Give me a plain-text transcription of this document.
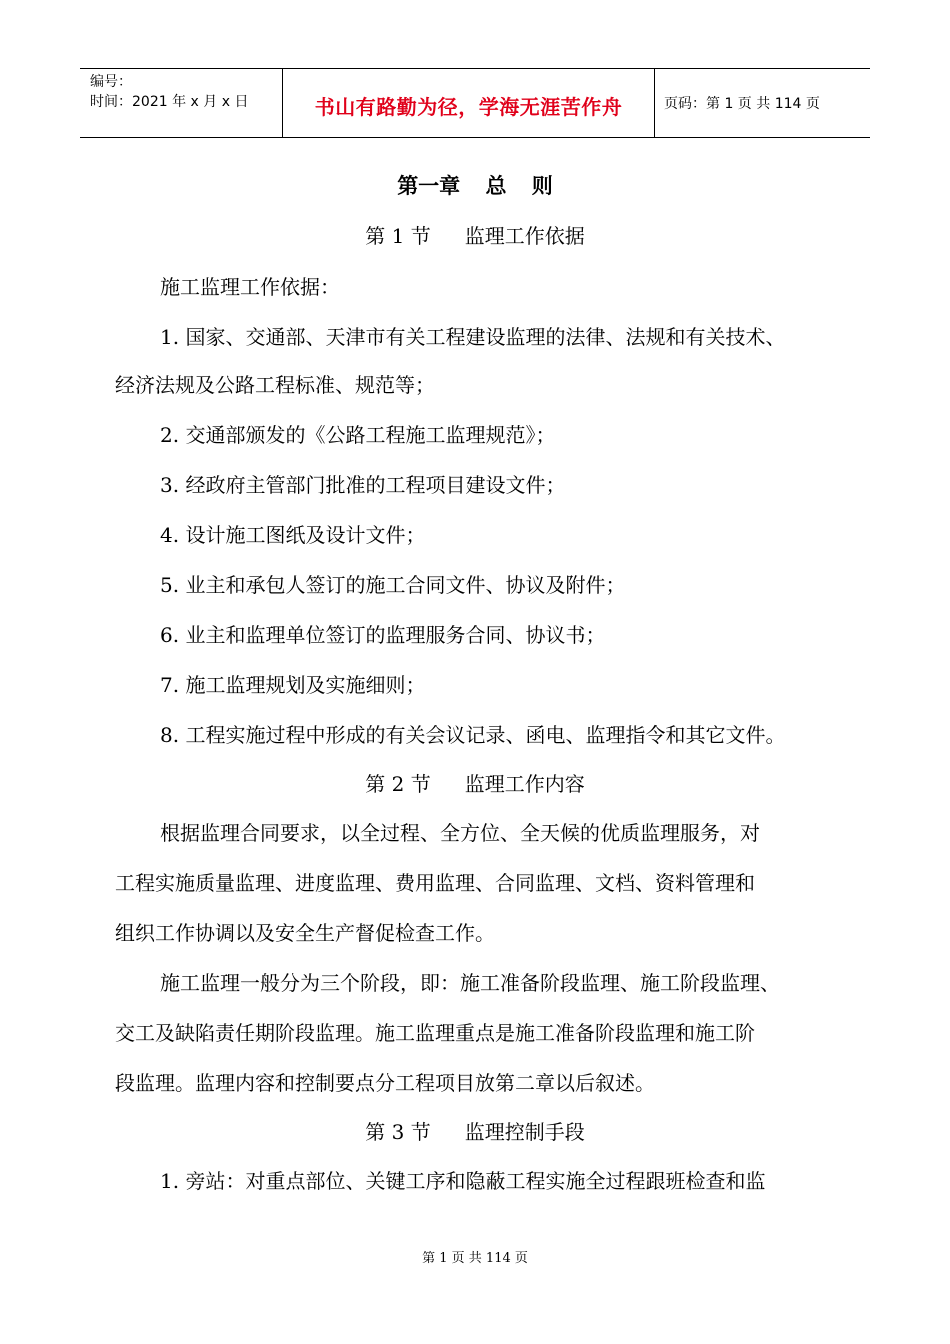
编号：
时间：2021 年 x 月 x 日	书山有路勤为径，学海无涯苦作舟	页码：第 1 页 共 114 页
第一章 总 则
第 1 节 监理工作依据
施工监理工作依据：
1. 国家、交通部、天津市有关工程建设监理的法律、法规和有关技术、
经济法规及公路工程标准、规范等；
2. 交通部颁发的《公路工程施工监理规范》；
3. 经政府主管部门批准的工程项目建设文件；
4. 设计施工图纸及设计文件；
5. 业主和承包人签订的施工合同文件、协议及附件；
6. 业主和监理单位签订的监理服务合同、协议书；
7. 施工监理规划及实施细则；
8. 工程实施过程中形成的有关会议记录、函电、监理指令和其它文件。
第 2 节 监理工作内容
根据监理合同要求，以全过程、全方位、全天候的优质监理服务，对
工程实施质量监理、进度监理、费用监理、合同监理、文档、资料管理和
组织工作协调以及安全生产督促检查工作。
施工监理一般分为三个阶段，即：施工准备阶段监理、施工阶段监理、
交工及缺陷责任期阶段监理。施工监理重点是施工准备阶段监理和施工阶
段监理。监理内容和控制要点分工程项目放第二章以后叙述。
第 3 节 监理控制手段
1. 旁站：对重点部位、关键工序和隐蔽工程实施全过程跟班检查和监
第 1 页 共 114 页
